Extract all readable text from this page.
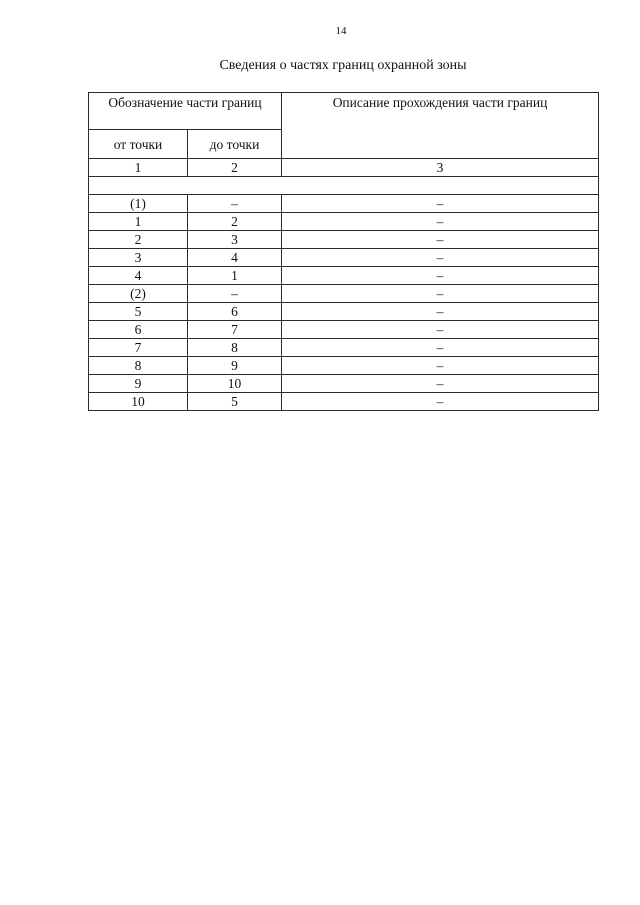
14
Сведения о частях границ охранной зоны
Обозначение части границ		Описание прохождения части границ
от точки	до точки	
1	2	3

(1)	–	–
1	2	–
2	3	–
3	4	–
4	1	–
(2)	–	–
5	6	–
6	7	–
7	8	–
8	9	–
9	10	–
10	5	–
